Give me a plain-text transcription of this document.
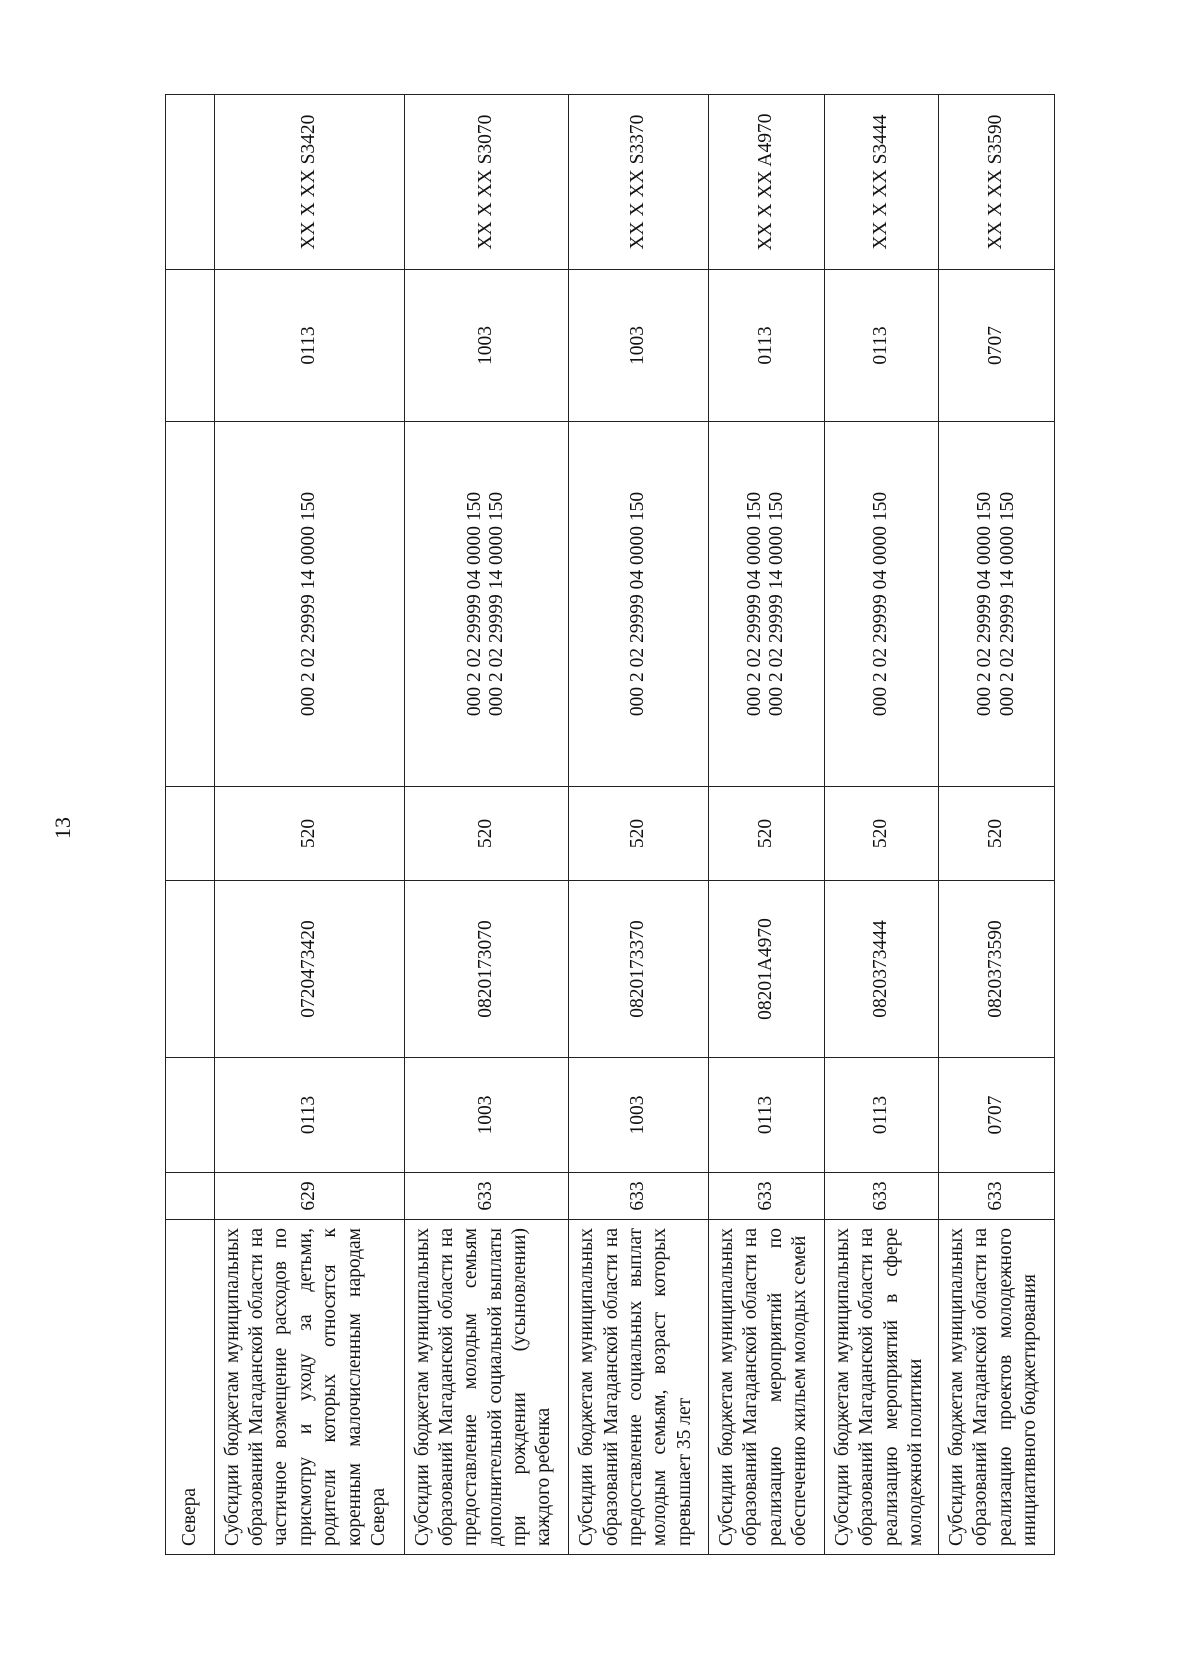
13
Севера							
Субсидии бюджетам муниципальных образований Магаданской области на частичное возмещение расходов по присмотру и уходу за детьми, родители которых относятся к коренным малочисленным народам Севера	629	0113	0720473420	520	000 2 02 29999 14 0000 150	0113	XX X XX S3420
Субсидии бюджетам муниципальных образований Магаданской области на предоставление молодым семьям дополнительной социальной выплаты при рождении (усыновлении) каждого ребенка	633	1003	0820173070	520	000 2 02 29999 04 0000 150
000 2 02 29999 14 0000 150	1003	XX X XX S3070
Субсидии бюджетам муниципальных образований Магаданской области на предоставление социальных выплат молодым семьям, возраст которых превышает 35 лет	633	1003	0820173370	520	000 2 02 29999 04 0000 150	1003	XX X XX S3370
Субсидии бюджетам муниципальных образований Магаданской области на реализацию мероприятий по обеспечению жильем молодых семей	633	0113	08201A4970	520	000 2 02 29999 04 0000 150
000 2 02 29999 14 0000 150	0113	XX X XX A4970
Субсидии бюджетам муниципальных образований Магаданской области на реализацию мероприятий в сфере молодежной политики	633	0113	0820373444	520	000 2 02 29999 04 0000 150	0113	XX X XX S3444
Субсидии бюджетам муниципальных образований Магаданской области на реализацию проектов молодежного инициативного бюджетирования	633	0707	0820373590	520	000 2 02 29999 04 0000 150
000 2 02 29999 14 0000 150	0707	XX X XX S3590
